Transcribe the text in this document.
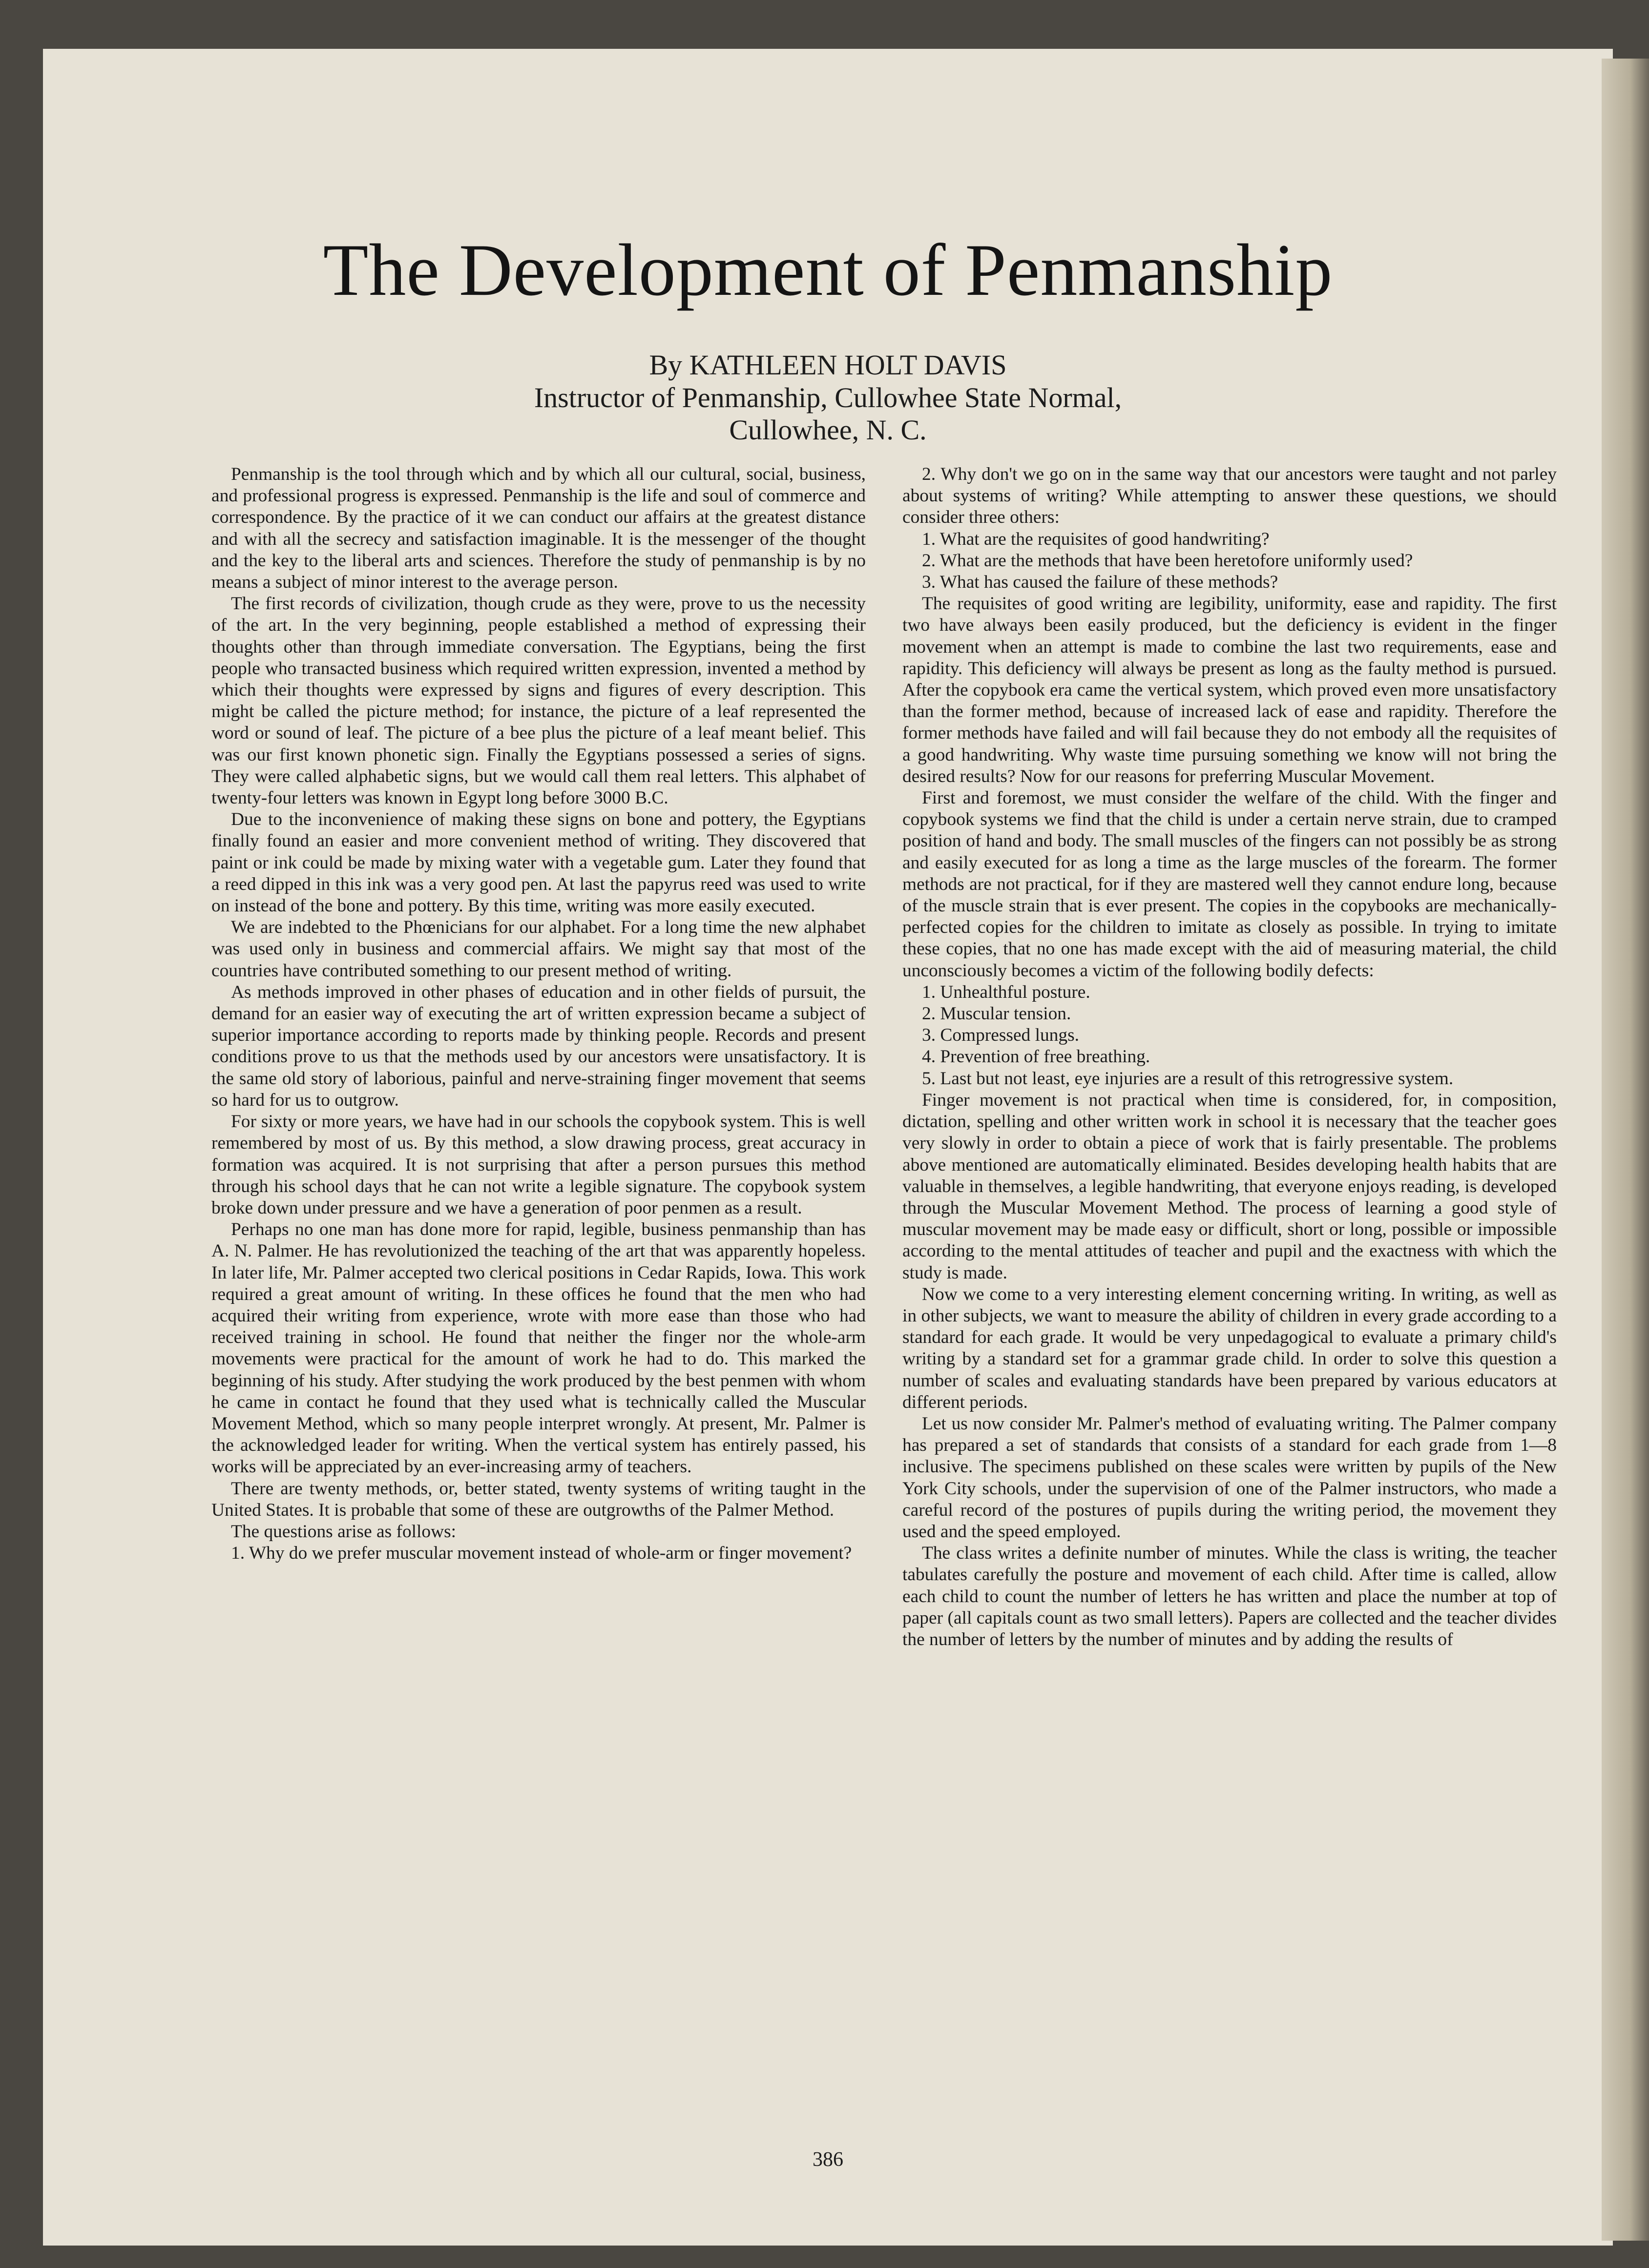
The Development of Penmanship
By KATHLEEN HOLT DAVIS
Instructor of Penmanship, Cullowhee State Normal,
Cullowhee, N. C.

Penmanship is the tool through which and by which all our cultural, social, business, and professional progress is expressed. Penmanship is the life and soul of commerce and correspondence. By the practice of it we can conduct our affairs at the greatest distance and with all the secrecy and satisfaction imaginable. It is the messenger of the thought and the key to the liberal arts and sciences. Therefore the study of penmanship is by no means a subject of minor interest to the average person.

The first records of civilization, though crude as they were, prove to us the necessity of the art. In the very beginning, people established a method of expressing their thoughts other than through immediate conversation. The Egyptians, being the first people who transacted business which required written expression, invented a method by which their thoughts were expressed by signs and figures of every description. This might be called the picture method; for instance, the picture of a leaf represented the word or sound of leaf. The picture of a bee plus the picture of a leaf meant belief. This was our first known phonetic sign. Finally the Egyptians possessed a series of signs. They were called alphabetic signs, but we would call them real letters. This alphabet of twenty-four letters was known in Egypt long before 3000 B.C.

Due to the inconvenience of making these signs on bone and pottery, the Egyptians finally found an easier and more convenient method of writing. They discovered that paint or ink could be made by mixing water with a vegetable gum. Later they found that a reed dipped in this ink was a very good pen. At last the papyrus reed was used to write on instead of the bone and pottery. By this time, writing was more easily executed.

We are indebted to the Phœnicians for our alphabet. For a long time the new alphabet was used only in business and commercial affairs. We might say that most of the countries have contributed something to our present method of writing.

As methods improved in other phases of education and in other fields of pursuit, the demand for an easier way of executing the art of written expression became a subject of superior importance according to reports made by thinking people. Records and present conditions prove to us that the methods used by our ancestors were unsatisfactory. It is the same old story of laborious, painful and nerve-straining finger movement that seems so hard for us to outgrow.

For sixty or more years, we have had in our schools the copybook system. This is well remembered by most of us. By this method, a slow drawing process, great accuracy in formation was acquired. It is not surprising that after a person pursues this method through his school days that he can not write a legible signature. The copybook system broke down under pressure and we have a generation of poor penmen as a result.

Perhaps no one man has done more for rapid, legible, business penmanship than has A. N. Palmer. He has revolutionized the teaching of the art that was apparently hopeless. In later life, Mr. Palmer accepted two clerical positions in Cedar Rapids, Iowa. This work required a great amount of writing. In these offices he found that the men who had acquired their writing from experience, wrote with more ease than those who had received training in school. He found that neither the finger nor the whole-arm movements were practical for the amount of work he had to do. This marked the beginning of his study. After studying the work produced by the best penmen with whom he came in contact he found that they used what is technically called the Muscular Movement Method, which so many people interpret wrongly. At present, Mr. Palmer is the acknowledged leader for writing. When the vertical system has entirely passed, his works will be appreciated by an ever-increasing army of teachers.

There are twenty methods, or, better stated, twenty systems of writing taught in the United States. It is probable that some of these are outgrowths of the Palmer Method.

The questions arise as follows:

1. Why do we prefer muscular movement instead of whole-arm or finger movement?

2. Why don't we go on in the same way that our ancestors were taught and not parley about systems of writing? While attempting to answer these questions, we should consider three others:

1. What are the requisites of good handwriting?

2. What are the methods that have been heretofore uniformly used?

3. What has caused the failure of these methods?

The requisites of good writing are legibility, uniformity, ease and rapidity. The first two have always been easily produced, but the deficiency is evident in the finger movement when an attempt is made to combine the last two requirements, ease and rapidity. This deficiency will always be present as long as the faulty method is pursued. After the copybook era came the vertical system, which proved even more unsatisfactory than the former method, because of increased lack of ease and rapidity. Therefore the former methods have failed and will fail because they do not embody all the requisites of a good handwriting. Why waste time pursuing something we know will not bring the desired results? Now for our reasons for preferring Muscular Movement.

First and foremost, we must consider the welfare of the child. With the finger and copybook systems we find that the child is under a certain nerve strain, due to cramped position of hand and body. The small muscles of the fingers can not possibly be as strong and easily executed for as long a time as the large muscles of the forearm. The former methods are not practical, for if they are mastered well they cannot endure long, because of the muscle strain that is ever present. The copies in the copybooks are mechanically-perfected copies for the children to imitate as closely as possible. In trying to imitate these copies, that no one has made except with the aid of measuring material, the child unconsciously becomes a victim of the following bodily defects:

1. Unhealthful posture.

2. Muscular tension.

3. Compressed lungs.

4. Prevention of free breathing.

5. Last but not least, eye injuries are a result of this retrogressive system.

Finger movement is not practical when time is considered, for, in composition, dictation, spelling and other written work in school it is necessary that the teacher goes very slowly in order to obtain a piece of work that is fairly presentable. The problems above mentioned are automatically eliminated. Besides developing health habits that are valuable in themselves, a legible handwriting, that everyone enjoys reading, is developed through the Muscular Movement Method. The process of learning a good style of muscular movement may be made easy or difficult, short or long, possible or impossible according to the mental attitudes of teacher and pupil and the exactness with which the study is made.

Now we come to a very interesting element concerning writing. In writing, as well as in other subjects, we want to measure the ability of children in every grade according to a standard for each grade. It would be very unpedagogical to evaluate a primary child's writing by a standard set for a grammar grade child. In order to solve this question a number of scales and evaluating standards have been prepared by various educators at different periods.

Let us now consider Mr. Palmer's method of evaluating writing. The Palmer company has prepared a set of standards that consists of a standard for each grade from 1—8 inclusive. The specimens published on these scales were written by pupils of the New York City schools, under the supervision of one of the Palmer instructors, who made a careful record of the postures of pupils during the writing period, the movement they used and the speed employed.

The class writes a definite number of minutes. While the class is writing, the teacher tabulates carefully the posture and movement of each child. After time is called, allow each child to count the number of letters he has written and place the number at top of paper (all capitals count as two small letters). Papers are collected and the teacher divides the number of letters by the number of minutes and by adding the results of

386
